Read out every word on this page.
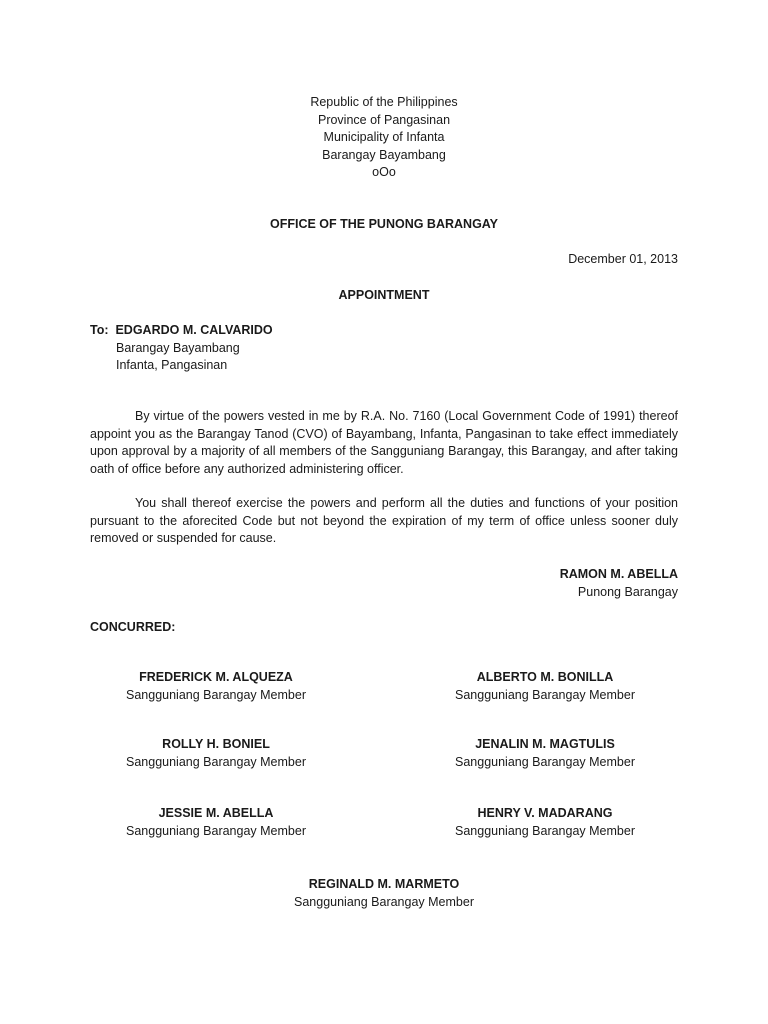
Republic of the Philippines
Province of Pangasinan
Municipality of Infanta
Barangay Bayambang
oOo
OFFICE OF THE PUNONG BARANGAY
December 01, 2013
APPOINTMENT
To: EDGARDO M. CALVARIDO
Barangay Bayambang
Infanta, Pangasinan

By virtue of the powers vested in me by R.A. No. 7160 (Local Government Code of 1991) thereof appoint you as the Barangay Tanod (CVO) of Bayambang, Infanta, Pangasinan to take effect immediately upon approval by a majority of all members of the Sangguniang Barangay, this Barangay, and after taking oath of office before any authorized administering officer.

You shall thereof exercise the powers and perform all the duties and functions of your position pursuant to the aforecited Code but not beyond the expiration of my term of office unless sooner duly removed or suspended for cause.

RAMON M. ABELLA
Punong Barangay
CONCURRED:
FREDERICK M. ALQUEZA
Sangguniang Barangay Member
ALBERTO M. BONILLA
Sangguniang Barangay Member
ROLLY H. BONIEL
Sangguniang Barangay Member
JENALIN M. MAGTULIS
Sangguniang Barangay Member
JESSIE M. ABELLA
Sangguniang Barangay Member
HENRY V. MADARANG
Sangguniang Barangay Member
REGINALD M. MARMETO
Sangguniang Barangay Member
